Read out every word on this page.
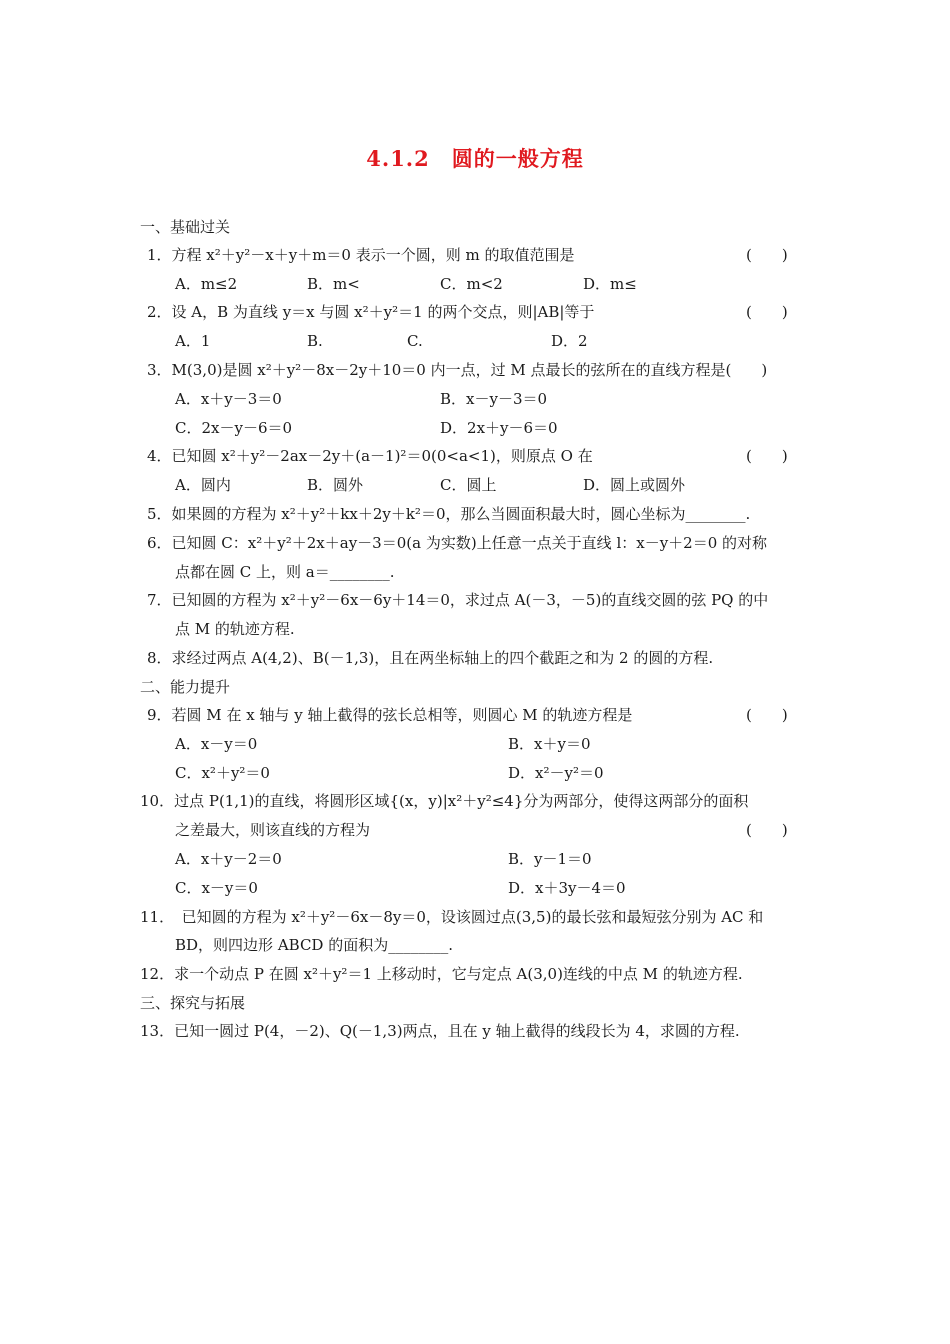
4.1.2　圆的一般方程
一、基础过关
1．方程 x²＋y²－x＋y＋m＝0 表示一个圆，则 m 的取值范围是	(　　)
A．m≤2	B．m<	C．m<2	D．m≤
2．设 A，B 为直线 y＝x 与圆 x²＋y²＝1 的两个交点，则|AB|等于	(　　)
A．1	B.	C.	D．2
3．M(3,0)是圆 x²＋y²－8x－2y＋10＝0 内一点，过 M 点最长的弦所在的直线方程是(　　)
A．x＋y－3＝0	B．x－y－3＝0
C．2x－y－6＝0	D．2x＋y－6＝0
4．已知圆 x²＋y²－2ax－2y＋(a－1)²＝0(0<a<1)，则原点 O 在	(　　)
A．圆内	B．圆外	C．圆上	D．圆上或圆外
5．如果圆的方程为 x²＋y²＋kx＋2y＋k²＝0，那么当圆面积最大时，圆心坐标为________.
6．已知圆 C：x²＋y²＋2x＋ay－3＝0(a 为实数)上任意一点关于直线 l：x－y＋2＝0 的对称
点都在圆 C 上，则 a＝________.
7．已知圆的方程为 x²＋y²－6x－6y＋14＝0，求过点 A(－3，－5)的直线交圆的弦 PQ 的中
点 M 的轨迹方程.
8．求经过两点 A(4,2)、B(－1,3)，且在两坐标轴上的四个截距之和为 2 的圆的方程.
二、能力提升
9．若圆 M 在 x 轴与 y 轴上截得的弦长总相等，则圆心 M 的轨迹方程是	(　　)
A．x－y＝0	B．x＋y＝0
C．x²＋y²＝0	D．x²－y²＝0
10．过点 P(1,1)的直线，将圆形区域{(x，y)|x²＋y²≤4}分为两部分，使得这两部分的面积
之差最大，则该直线的方程为	(　　)
A．x＋y－2＝0	B．y－1＝0
C．x－y＝0	D．x＋3y－4＝0
11．　已知圆的方程为 x²＋y²－6x－8y＝0，设该圆过点(3,5)的最长弦和最短弦分别为 AC 和
BD，则四边形 ABCD 的面积为________.
12．求一个动点 P 在圆 x²＋y²＝1 上移动时，它与定点 A(3,0)连线的中点 M 的轨迹方程.
三、探究与拓展
13．已知一圆过 P(4，－2)、Q(－1,3)两点，且在 y 轴上截得的线段长为 4，求圆的方程.
